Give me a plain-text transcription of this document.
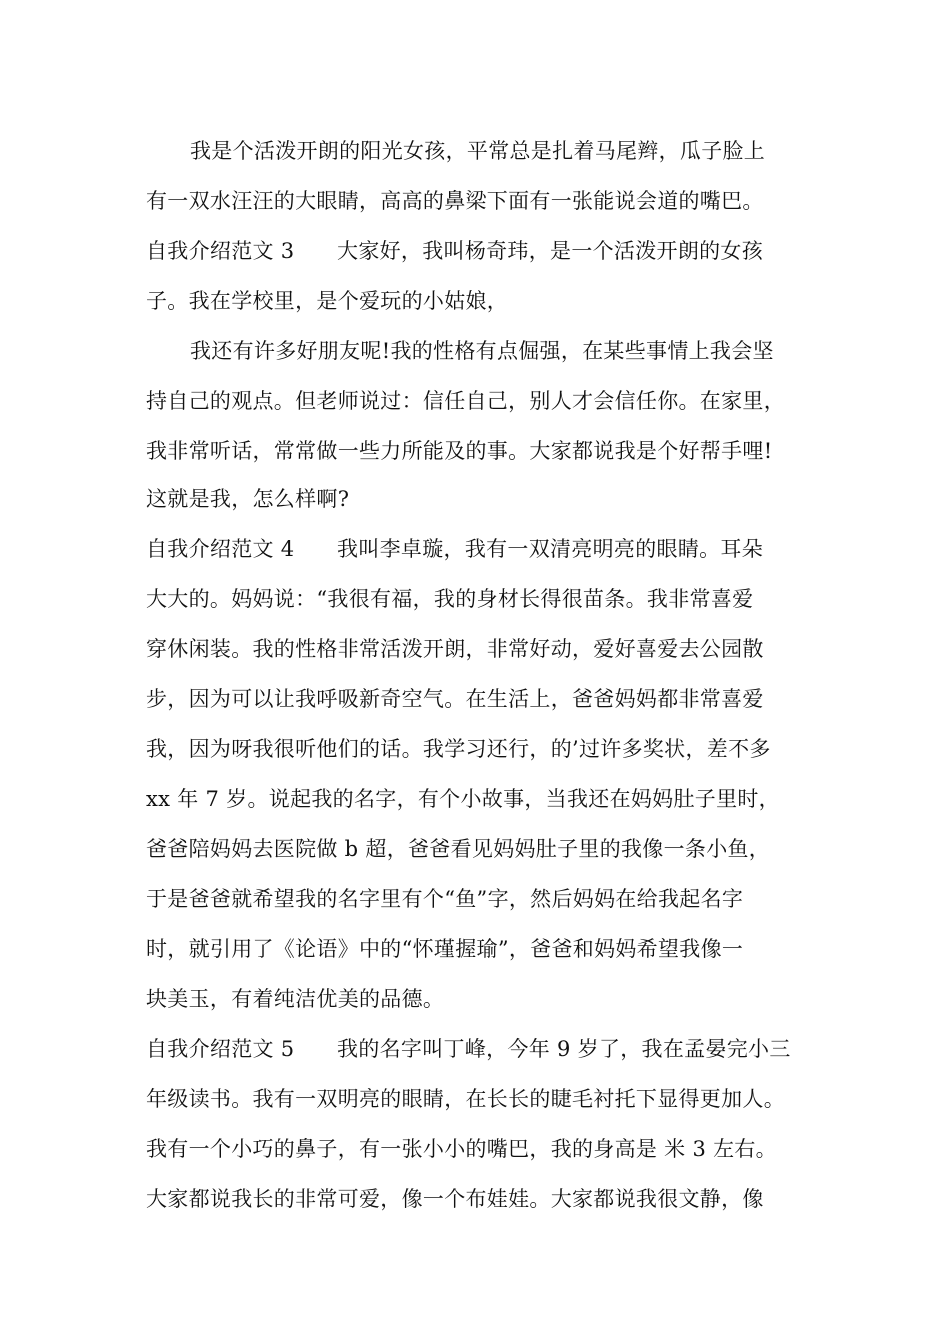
我是个活泼开朗的阳光女孩，平常总是扎着马尾辫，瓜子脸上
有一双水汪汪的大眼睛，高高的鼻梁下面有一张能说会道的嘴巴。
自我介绍范文 3　　大家好，我叫杨奇玮，是一个活泼开朗的女孩
子。我在学校里，是个爱玩的小姑娘，
我还有许多好朋友呢!我的性格有点倔强，在某些事情上我会坚
持自己的观点。但老师说过：信任自己，别人才会信任你。在家里，
我非常听话，常常做一些力所能及的事。大家都说我是个好帮手哩!
这就是我，怎么样啊?
自我介绍范文 4　　我叫李卓璇，我有一双清亮明亮的眼睛。耳朵
大大的。妈妈说：“我很有福，我的身材长得很苗条。我非常喜爱
穿休闲装。我的性格非常活泼开朗，非常好动，爱好喜爱去公园散
步，因为可以让我呼吸新奇空气。在生活上，爸爸妈妈都非常喜爱
我，因为呀我很听他们的话。我学习还行，的’过许多奖状，差不多
xx 年 7 岁。说起我的名字，有个小故事，当我还在妈妈肚子里时，
爸爸陪妈妈去医院做 b 超，爸爸看见妈妈肚子里的我像一条小鱼，
于是爸爸就希望我的名字里有个“鱼”字，然后妈妈在给我起名字
时，就引用了《论语》中的“怀瑾握瑜”，爸爸和妈妈希望我像一
块美玉，有着纯洁优美的品德。
自我介绍范文 5　　我的名字叫丁峰，今年 9 岁了，我在孟晏完小三
年级读书。我有一双明亮的眼睛，在长长的睫毛衬托下显得更加人。
我有一个小巧的鼻子，有一张小小的嘴巴，我的身高是 米 3 左右。
大家都说我长的非常可爱，像一个布娃娃。大家都说我很文静，像
